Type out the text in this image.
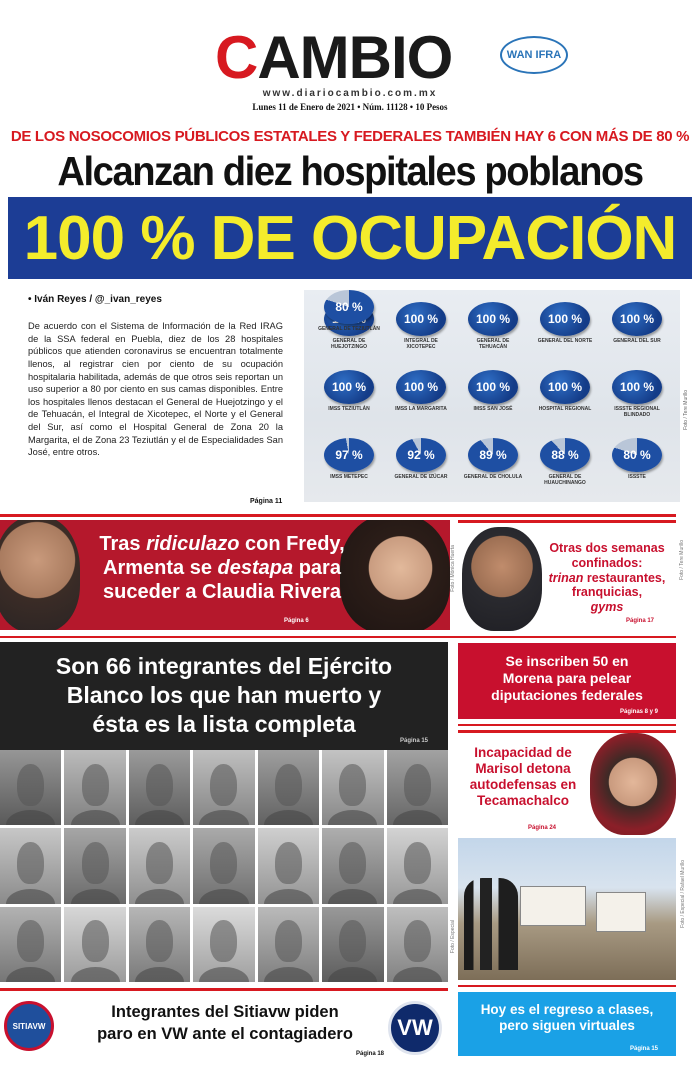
CAMBIO	WAN IFRA
www.diariocambio.com.mx
Lunes 11 de Enero de 2021 • Núm. 11128 • 10 Pesos
DE LOS NOSOCOMIOS PÚBLICOS ESTATALES Y FEDERALES TAMBIÉN HAY 6 CON MÁS DE 80 %
Alcanzan diez hospitales poblanos
100 % DE OCUPACIÓN
• Iván Reyes / @_ivan_reyes
De acuerdo con el Sistema de Información de la Red IRAG de la SSA federal en Puebla, diez de los 28 hospitales públicos que atienden coronavirus se encuentran totalmente llenos, al registrar cien por ciento de su ocupación hospitalaria habilitada, además de que otros seis reportan un uso superior a 80 por ciento en sus camas disponibles. Entre los hospitales llenos destacan el General de Huejotzingo y el de Tehuacán, el Integral de Xicotepec, el Norte y el General del Sur, así como el Hospital General de Zona 20 la Margarita, el de Zona 23 Teziutlán y el de Especialidades San José, entre otros.
Página 11
GENERAL DE HUEJOTZINGO
100 %
INTEGRAL DE XICOTEPEC
100 %
GENERAL DE TEHUACÁN
100 %
GENERAL DEL NORTE
100 %
GENERAL DEL SUR
100 %
IMSS TEZIUTLÁN
100 %
IMSS LA MARGARITA
100 %
IMSS SAN JOSÉ
100 %
HOSPITAL REGIONAL
100 %
ISSSTE REGIONAL BLINDADO
97 %
IMSS METEPEC
92 %
GENERAL DE IZÚCAR
89 %
GENERAL DE CHOLULA
88 %
GENERAL DE HUAUCHINANGO
80 %
ISSSTE
80 %
GENERAL DE TEZIUTLÁN
Foto / Tere Murillo
Tras ridiculazo con Fredy,
Armenta se destapa para
suceder a Claudia Rivera
Página 6
Foto / Mónica Huerta	Otras dos semanas
confinados:
trinan restaurantes,
franquicias,
gyms
Página 17
Foto / Tere Murillo
Son 66 integrantes del Ejército
Blanco los que han muerto y
ésta es la lista completa
Página 15
Foto / Especial
Se inscriben 50 en
Morena para pelear
diputaciones federales
Páginas 8 y 9
Incapacidad de
Marisol detona
autodefensas en
Tecamachalco
Página 24
Foto / Especial / Rafael Murillo
SITIAVW
Integrantes del Sitiavw piden
paro en VW ante el contagiadero
Página 18
VW
Hoy es el regreso a clases,
pero siguen virtuales
Página 15
